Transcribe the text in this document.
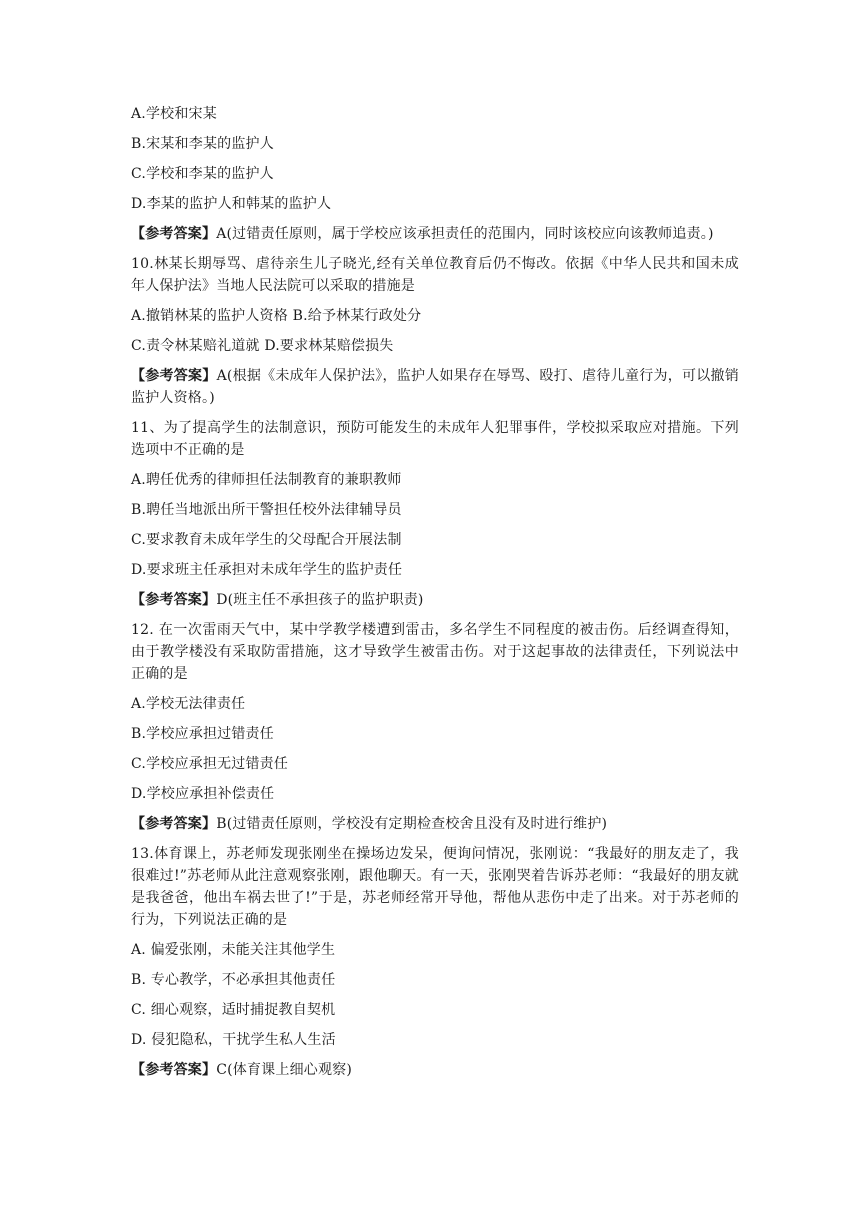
A.学校和宋某

B.宋某和李某的监护人

C.学校和李某的监护人

D.李某的监护人和韩某的监护人

【参考答案】A(过错责任原则，属于学校应该承担责任的范围内，同时该校应向该教师追责。)

10.林某长期辱骂、虐待亲生儿子晓光,经有关单位教育后仍不悔改。依据《中华人民共和国未成年人保护法》当地人民法院可以采取的措施是

A.撤销林某的监护人资格 B.给予林某行政处分

C.责令林某赔礼道就 D.要求林某赔偿损失

【参考答案】A(根据《未成年人保护法》，监护人如果存在辱骂、殴打、虐待儿童行为，可以撤销监护人资格。)

11、为了提高学生的法制意识，预防可能发生的未成年人犯罪事件，学校拟采取应对措施。下列选项中不正确的是

A.聘任优秀的律师担任法制教育的兼职教师

B.聘任当地派出所干警担任校外法律辅导员

C.要求教育未成年学生的父母配合开展法制

D.要求班主任承担对未成年学生的监护责任

【参考答案】D(班主任不承担孩子的监护职责)

12. 在一次雷雨天气中，某中学教学楼遭到雷击，多名学生不同程度的被击伤。后经调查得知，由于教学楼没有采取防雷措施，这才导致学生被雷击伤。对于这起事故的法律责任，下列说法中正确的是

A.学校无法律责任

B.学校应承担过错责任

C.学校应承担无过错责任

D.学校应承担补偿责任

【参考答案】B(过错责任原则，学校没有定期检查校舍且没有及时进行维护)

13.体育课上，苏老师发现张刚坐在操场边发呆，便询问情况，张刚说：“我最好的朋友走了，我很难过!”苏老师从此注意观察张刚，跟他聊天。有一天，张刚哭着告诉苏老师：“我最好的朋友就是我爸爸，他出车祸去世了!”于是，苏老师经常开导他，帮他从悲伤中走了出来。对于苏老师的行为，下列说法正确的是

A. 偏爱张刚，未能关注其他学生

B. 专心教学，不必承担其他责任

C. 细心观察，适时捕捉教自契机

D. 侵犯隐私，干扰学生私人生活

【参考答案】C(体育课上细心观察)
